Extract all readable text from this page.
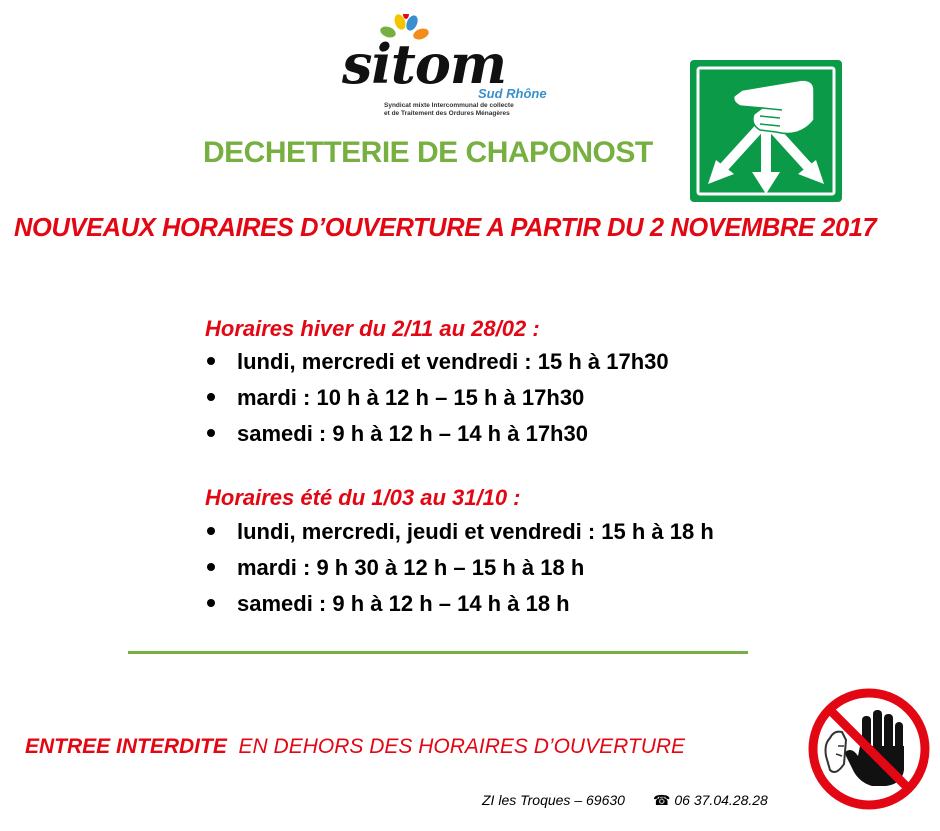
sitom
Sud Rhône
Syndicat mixte Intercommunal de collecte
et de Traitement des Ordures Ménagères
DECHETTERIE DE CHAPONOST
NOUVEAUX HORAIRES D’OUVERTURE A PARTIR DU 2 NOVEMBRE 2017
Horaires hiver du 2/11 au 28/02 :
lundi, mercredi et vendredi : 15 h à 17h30
mardi : 10 h à 12 h – 15 h à 17h30
samedi : 9 h à 12 h – 14 h à 17h30
Horaires été du 1/03 au 31/10 :
lundi, mercredi, jeudi et vendredi : 15 h à 18 h
mardi : 9 h 30 à 12 h – 15 h à 18 h
samedi : 9 h à 12 h – 14 h à 18 h
ENTREE INTERDITE EN DEHORS DES HORAIRES D’OUVERTURE
ZI les Troques – 69630 ☎ 06 37.04.28.28
